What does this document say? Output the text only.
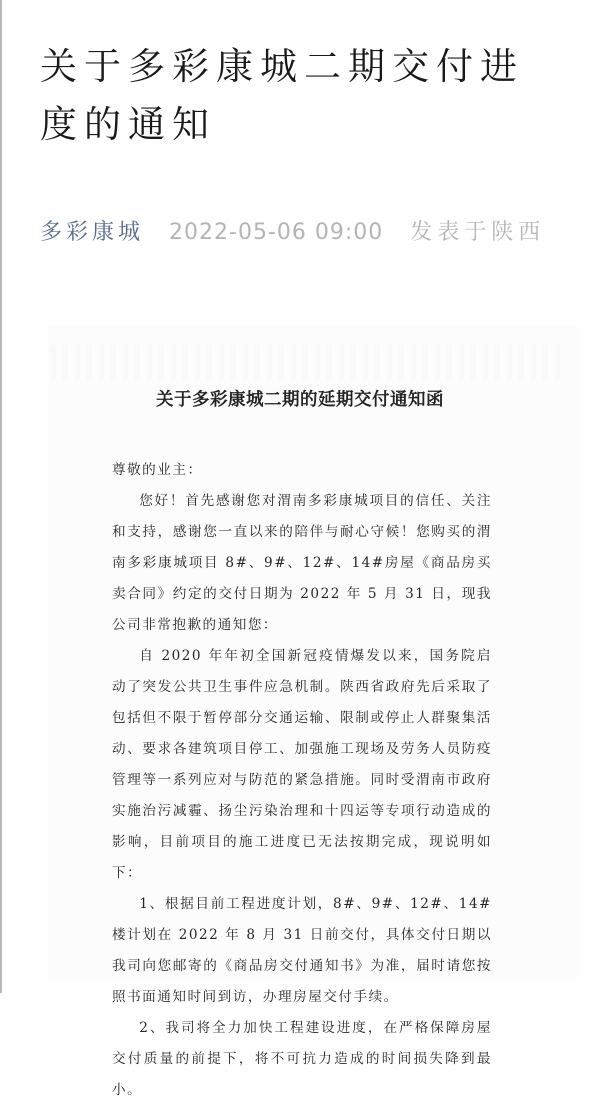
关于多彩康城二期交付进度的通知
多彩康城 2022-05-06 09:00 发表于陕西
关于多彩康城二期的延期交付通知函

尊敬的业主：

您好！首先感谢您对渭南多彩康城项目的信任、关注和支持，感谢您一直以来的陪伴与耐心守候！您购买的渭南多彩康城项目 8#、9#、12#、14#房屋《商品房买卖合同》约定的交付日期为 2022 年 5 月 31 日，现我公司非常抱歉的通知您：

自 2020 年年初全国新冠疫情爆发以来，国务院启动了突发公共卫生事件应急机制。陕西省政府先后采取了包括但不限于暂停部分交通运输、限制或停止人群聚集活动、要求各建筑项目停工、加强施工现场及劳务人员防疫管理等一系列应对与防范的紧急措施。同时受渭南市政府实施治污减霾、扬尘污染治理和十四运等专项行动造成的影响，目前项目的施工进度已无法按期完成，现说明如下：

1、根据目前工程进度计划，8#、9#、12#、14#楼计划在 2022 年 8 月 31 日前交付，具体交付日期以我司向您邮寄的《商品房交付通知书》为准，届时请您按照书面通知时间到访，办理房屋交付手续。

2、我司将全力加快工程建设进度，在严格保障房屋交付质量的前提下，将不可抗力造成的时间损失降到最小。
